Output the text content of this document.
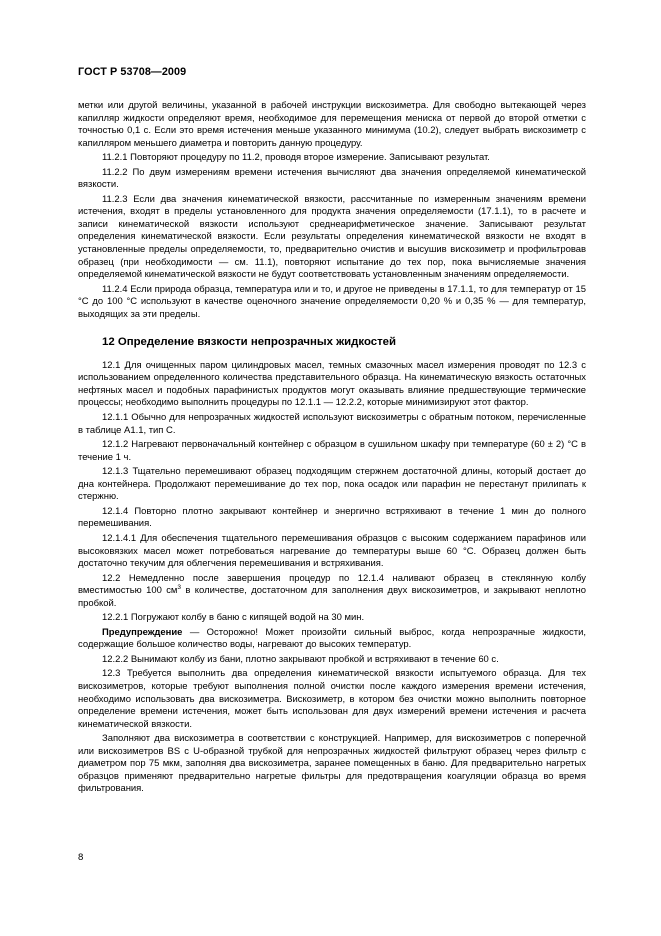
ГОСТ Р 53708—2009

метки или другой величины, указанной в рабочей инструкции вискозиметра. Для свободно вытекающей через капилляр жидкости определяют время, необходимое для перемещения мениска от первой до второй отметки с точностью 0,1 с. Если это время истечения меньше указанного минимума (10.2), следует выбрать вискозиметр с капилляром меньшего диаметра и повторить данную процедуру.

11.2.1 Повторяют процедуру по 11.2, проводя второе измерение. Записывают результат.

11.2.2 По двум измерениям времени истечения вычисляют два значения определяемой кинематической вязкости.

11.2.3 Если два значения кинематической вязкости, рассчитанные по измеренным значениям времени истечения, входят в пределы установленного для продукта значения определяемости (17.1.1), то в расчете и записи кинематической вязкости используют среднеарифметическое значение. Записывают результат определения кинематической вязкости. Если результаты определения кинематической вязкости не входят в установленные пределы определяемости, то, предварительно очистив и высушив вискозиметр и профильтровав образец (при необходимости — см. 11.1), повторяют испытание до тех пор, пока вычисляемые значения определяемой кинематической вязкости не будут соответствовать установленным значениям определяемости.

11.2.4 Если природа образца, температура или и то, и другое не приведены в 17.1.1, то для температур от 15 °С до 100 °С используют в качестве оценочного значение определяемости 0,20 % и 0,35 % — для температур, выходящих за эти пределы.

12 Определение вязкости непрозрачных жидкостей

12.1 Для очищенных паром цилиндровых масел, темных смазочных масел измерения проводят по 12.3 с использованием определенного количества представительного образца. На кинематическую вязкость остаточных нефтяных масел и подобных парафинистых продуктов могут оказывать влияние предшествующие термические процессы; необходимо выполнить процедуры по 12.1.1 — 12.2.2, которые минимизируют этот фактор.

12.1.1 Обычно для непрозрачных жидкостей используют вискозиметры с обратным потоком, перечисленные в таблице А1.1, тип С.

12.1.2 Нагревают первоначальный контейнер с образцом в сушильном шкафу при температуре (60 ± 2) °С в течение 1 ч.

12.1.3 Тщательно перемешивают образец подходящим стержнем достаточной длины, который достает до дна контейнера. Продолжают перемешивание до тех пор, пока осадок или парафин не перестанут прилипать к стержню.

12.1.4 Повторно плотно закрывают контейнер и энергично встряхивают в течение 1 мин до полного перемешивания.

12.1.4.1 Для обеспечения тщательного перемешивания образцов с высоким содержанием парафинов или высоковязких масел может потребоваться нагревание до температуры выше 60 °С. Образец должен быть достаточно текучим для облегчения перемешивания и встряхивания.

12.2 Немедленно после завершения процедур по 12.1.4 наливают образец в стеклянную колбу вместимостью 100 $см^3$ в количестве, достаточном для заполнения двух вискозиметров, и закрывают неплотно пробкой.

12.2.1 Погружают колбу в баню с кипящей водой на 30 мин.

Предупреждение — Осторожно! Может произойти сильный выброс, когда непрозрачные жидкости, содержащие большое количество воды, нагревают до высоких температур.

12.2.2 Вынимают колбу из бани, плотно закрывают пробкой и встряхивают в течение 60 с.

12.3 Требуется выполнить два определения кинематической вязкости испытуемого образца. Для тех вискозиметров, которые требуют выполнения полной очистки после каждого измерения времени истечения, необходимо использовать два вискозиметра. Вискозиметр, в котором без очистки можно выполнить повторное определение времени истечения, может быть использован для двух измерений времени истечения и расчета кинематической вязкости.

Заполняют два вискозиметра в соответствии с конструкцией. Например, для вискозиметров с поперечной или вискозиметров BS с U-образной трубкой для непрозрачных жидкостей фильтруют образец через фильтр с диаметром пор 75 мкм, заполняя два вискозиметра, заранее помещенных в баню. Для предварительно нагретых образцов применяют предварительно нагретые фильтры для предотвращения коагуляции образца во время фильтрования.

8
